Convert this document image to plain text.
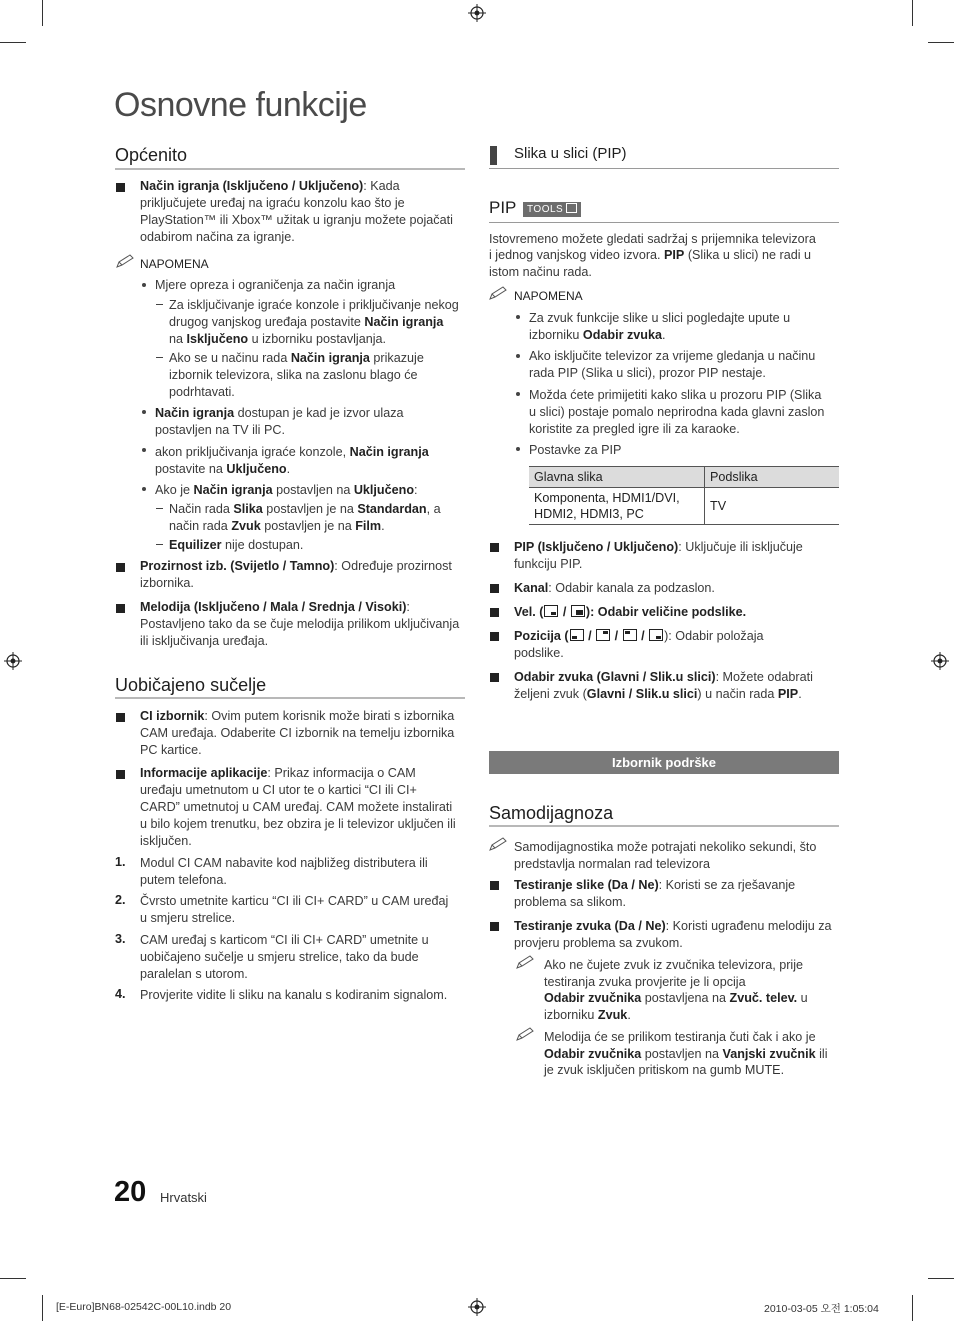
Osnovne funkcije
Općenito
Način igranja (Isključeno / Uključeno): Kada
priključujete uređaj na igraću konzolu kao što je
PlayStation™ ili Xbox™ užitak u igranju možete pojačati
odabirom načina za igranje.
NAPOMENA
Mjere opreza i ograničenja za način igranja
Za isključivanje igraće konzole i priključivanje nekog
drugog vanjskog uređaja postavite Način igranja
na Isključeno u izborniku postavljanja.
Ako se u načinu rada Način igranja prikazuje
izbornik televizora, slika na zaslonu blago će
podrhtavati.
Način igranja dostupan je kad je izvor ulaza
postavljen na TV ili PC.
akon priključivanja igraće konzole, Način igranja
postavite na Uključeno.
Ako je Način igranja postavljen na Uključeno:
Način rada Slika postavljen je na Standardan, a
način rada Zvuk postavljen je na Film.
Equilizer nije dostupan.
Prozirnost izb. (Svijetlo / Tamno): Određuje prozirnost
izbornika.
Melodija (Isključeno / Mala / Srednja / Visoki):
Postavljeno tako da se čuje melodija prilikom uključivanja
ili isključivanja uređaja.
Uobičajeno sučelje
CI izbornik: Ovim putem korisnik može birati s izbornika
CAM uređaja. Odaberite CI izbornik na temelju izbornika
PC kartice.
Informacije aplikacije: Prikaz informacija o CAM
uređaju umetnutom u CI utor te o kartici “CI ili CI+
CARD” umetnutoj u CAM uređaj. CAM možete instalirati
u bilo kojem trenutku, bez obzira je li televizor uključen ili
isključen.
1. Modul CI CAM nabavite kod najbližeg distributera ili
putem telefona.
2. Čvrsto umetnite karticu “CI ili CI+ CARD” u CAM uređaj
u smjeru strelice.
3. CAM uređaj s karticom “CI ili CI+ CARD” umetnite u
uobičajeno sučelje u smjeru strelice, tako da bude
paralelan s utorom.
4. Provjerite vidite li sliku na kanalu s kodiranim signalom.
Slika u slici (PIP)
PIP	TOOLS
Istovremeno možete gledati sadržaj s prijemnika televizora
i jednog vanjskog video izvora. PIP (Slika u slici) ne radi u
istom načinu rada.
NAPOMENA
Za zvuk funkcije slike u slici pogledajte upute u
izborniku Odabir zvuka.
Ako isključite televizor za vrijeme gledanja u načinu
rada PIP (Slika u slici), prozor PIP nestaje.
Možda ćete primijetiti kako slika u prozoru PIP (Slika
u slici) postaje pomalo neprirodna kada glavni zaslon
koristite za pregled igre ili za karaoke.
Postavke za PIP
Glavna slika	Podslika
Komponenta, HDMI1/DVI,
HDMI2, HDMI3, PC	TV
PIP (Isključeno / Uključeno): Uključuje ili isključuje
funkciju PIP.
Kanal: Odabir kanala za podzaslon.
Vel. (
/
): Odabir veličine podslike.
Pozicija (
/
/
/
): Odabir položaja
podslike.
Odabir zvuka (Glavni / Slik.u slici): Možete odabrati
željeni zvuk (Glavni / Slik.u slici) u način rada PIP.
Izbornik podrške
Samodijagnoza
Samodijagnostika može potrajati nekoliko sekundi, što
predstavlja normalan rad televizora
Testiranje slike (Da / Ne): Koristi se za rješavanje
problema sa slikom.
Testiranje zvuka (Da / Ne): Koristi ugrađenu melodiju za
provjeru problema sa zvukom.
Ako ne čujete zvuk iz zvučnika televizora, prije
testiranja zvuka provjerite je li opcija
Odabir zvučnika postavljena na Zvuč. telev. u
izborniku Zvuk.
Melodija će se prilikom testiranja čuti čak i ako je
Odabir zvučnika postavljen na Vanjski zvučnik ili
je zvuk isključen pritiskom na gumb MUTE.
20 Hrvatski
[E-Euro]BN68-02542C-00L10.indb 20	2010-03-05 오전 1:05:04
